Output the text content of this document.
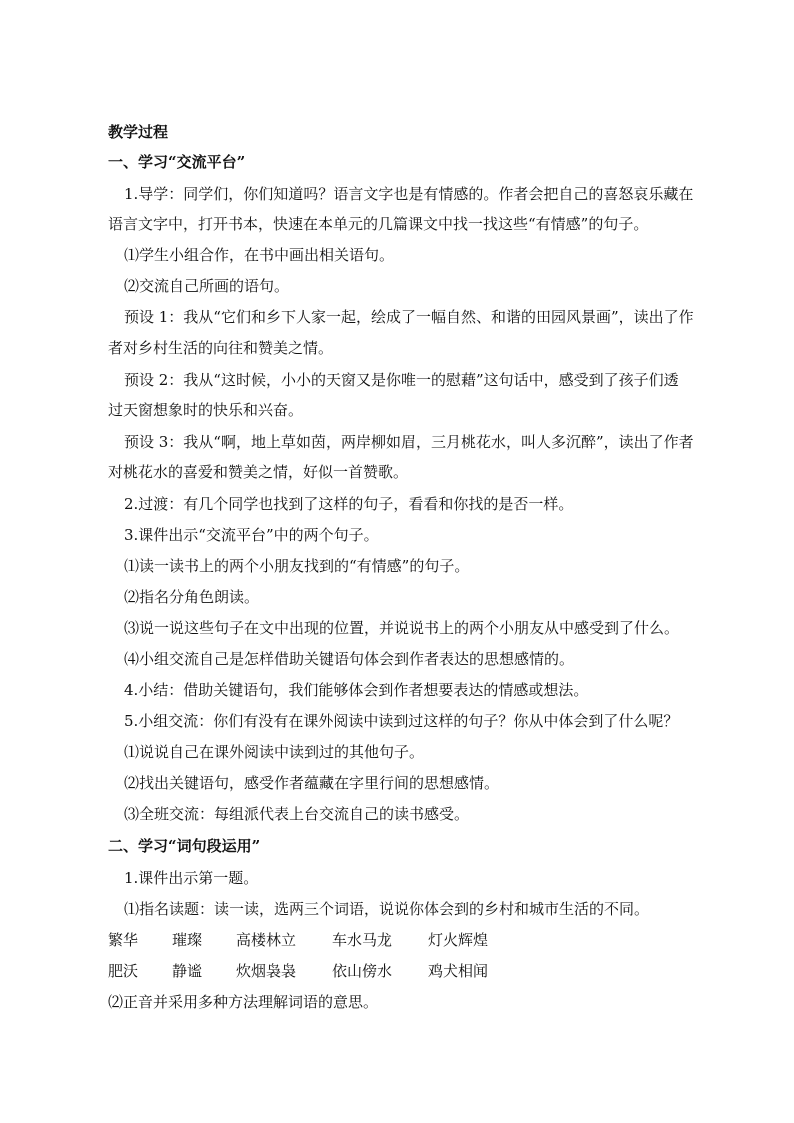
教学过程
一、学习“交流平台”
1.导学：同学们，你们知道吗？语言文字也是有情感的。作者会把自己的喜怒哀乐藏在
语言文字中，打开书本，快速在本单元的几篇课文中找一找这些“有情感”的句子。
⑴学生小组合作，在书中画出相关语句。
⑵交流自己所画的语句。
预设 1：我从“它们和乡下人家一起，绘成了一幅自然、和谐的田园风景画”，读出了作
者对乡村生活的向往和赞美之情。
预设 2：我从“这时候，小小的天窗又是你唯一的慰藉”这句话中，感受到了孩子们透
过天窗想象时的快乐和兴奋。
预设 3：我从“啊，地上草如茵，两岸柳如眉，三月桃花水，叫人多沉醉”，读出了作者
对桃花水的喜爱和赞美之情，好似一首赞歌。
2.过渡：有几个同学也找到了这样的句子，看看和你找的是否一样。
3.课件出示“交流平台”中的两个句子。
⑴读一读书上的两个小朋友找到的“有情感”的句子。
⑵指名分角色朗读。
⑶说一说这些句子在文中出现的位置，并说说书上的两个小朋友从中感受到了什么。
⑷小组交流自己是怎样借助关键语句体会到作者表达的思想感情的。
4.小结：借助关键语句，我们能够体会到作者想要表达的情感或想法。
5.小组交流：你们有没有在课外阅读中读到过这样的句子？你从中体会到了什么呢？
⑴说说自己在课外阅读中读到过的其他句子。
⑵找出关键语句，感受作者蕴藏在字里行间的思想感情。
⑶全班交流：每组派代表上台交流自己的读书感受。
二、学习“词句段运用”
1.课件出示第一题。
⑴指名读题：读一读，选两三个词语，说说你体会到的乡村和城市生活的不同。
繁华 璀璨 高楼林立 车水马龙 灯火辉煌
肥沃 静谧 炊烟袅袅 依山傍水 鸡犬相闻
⑵正音并采用多种方法理解词语的意思。
